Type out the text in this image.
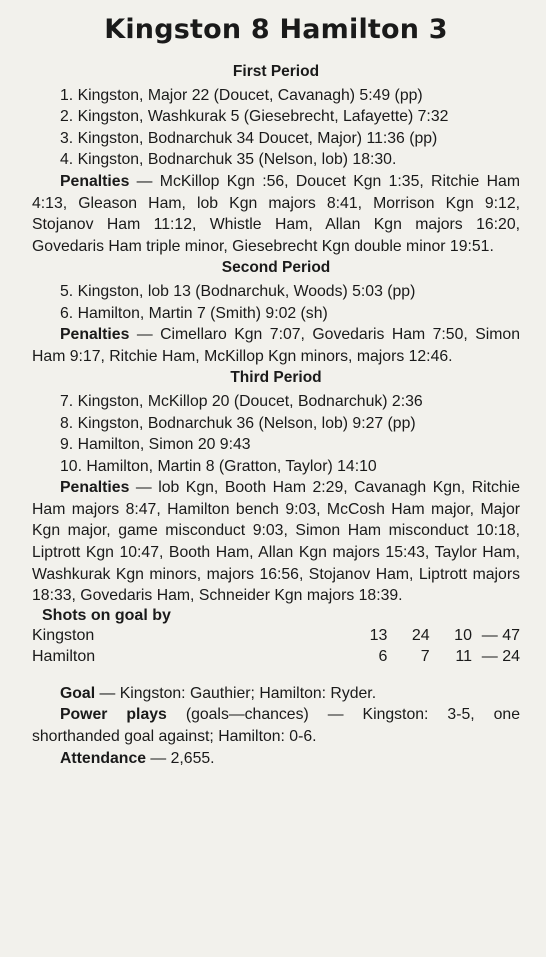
Kingston 8 Hamilton 3
First Period

1. Kingston, Major 22 (Doucet, Cavanagh) 5:49 (pp)

2. Kingston, Washkurak 5 (Giesebrecht, Lafayette) 7:32

3. Kingston, Bodnarchuk 34 Doucet, Major) 11:36 (pp)

4. Kingston, Bodnarchuk 35 (Nelson, lob) 18:30.

Penalties — McKillop Kgn :56, Doucet Kgn 1:35, Ritchie Ham 4:13, Gleason Ham, lob Kgn majors 8:41, Morrison Kgn 9:12, Stojanov Ham 11:12, Whistle Ham, Allan Kgn majors 16:20, Govedaris Ham triple minor, Giesebrecht Kgn double minor 19:51.

Second Period

5. Kingston, lob 13 (Bodnarchuk, Woods) 5:03 (pp)

6. Hamilton, Martin 7 (Smith) 9:02 (sh)

Penalties — Cimellaro Kgn 7:07, Govedaris Ham 7:50, Simon Ham 9:17, Ritchie Ham, McKillop Kgn minors, majors 12:46.

Third Period

7. Kingston, McKillop 20 (Doucet, Bodnarchuk) 2:36

8. Kingston, Bodnarchuk 36 (Nelson, lob) 9:27 (pp)

9. Hamilton, Simon 20 9:43

10. Hamilton, Martin 8 (Gratton, Taylor) 14:10

Penalties — lob Kgn, Booth Ham 2:29, Cavanagh Kgn, Ritchie Ham majors 8:47, Hamilton bench 9:03, McCosh Ham major, Major Kgn major, game misconduct 9:03, Simon Ham misconduct 10:18, Liptrott Kgn 10:47, Booth Ham, Allan Kgn majors 15:43, Taylor Ham, Washkurak Kgn minors, majors 16:56, Stojanov Ham, Liptrott majors 18:33, Govedaris Ham, Schneider Kgn majors 18:39.

Shots on goal by
Kingston	13	24	10 — 47
Hamilton	6	7	11 — 24

Goal — Kingston: Gauthier; Hamilton: Ryder.

Power plays (goals—chances) — Kingston: 3-5, one shorthanded goal against; Hamilton: 0-6.

Attendance — 2,655.
